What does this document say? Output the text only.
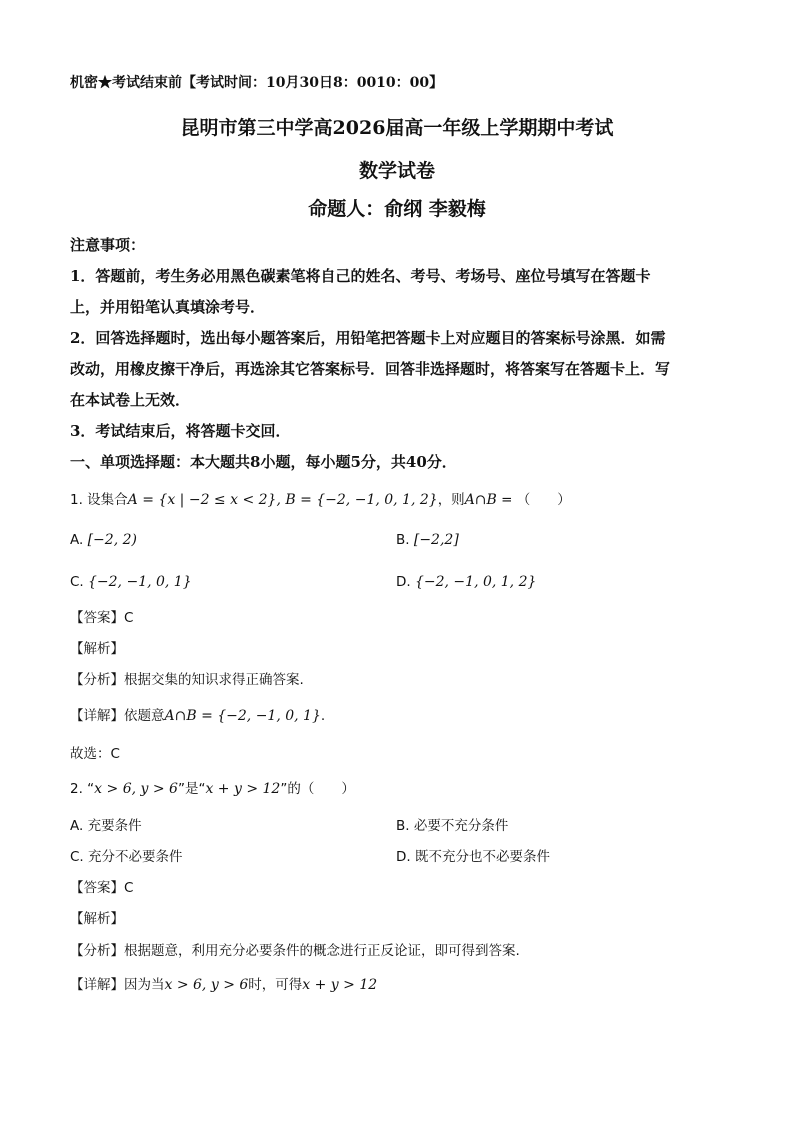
机密★考试结束前【考试时间：10月30日8：0010：00】
昆明市第三中学高2026届高一年级上学期期中考试
数学试卷
命题人：俞纲 李毅梅
注意事项：
1．答题前，考生务必用黑色碳素笔将自己的姓名、考号、考场号、座位号填写在答题卡
上，并用铅笔认真填涂考号．
2．回答选择题时，选出每小题答案后，用铅笔把答题卡上对应题目的答案标号涂黑．如需
改动，用橡皮擦干净后，再选涂其它答案标号．回答非选择题时，将答案写在答题卡上．写
在本试卷上无效．
3．考试结束后，将答题卡交回．
一、单项选择题：本大题共8小题，每小题5分，共40分．
1. 设集合A = {x | −2 ≤ x < 2}, B = {−2, −1, 0, 1, 2}，则A∩B = （　　）
A. [−2, 2)	B. [−2,2]
C. {−2, −1, 0, 1}	D. {−2, −1, 0, 1, 2}
【答案】C
【解析】
【分析】根据交集的知识求得正确答案.
【详解】依题意A∩B = {−2, −1, 0, 1}.
故选：C
2. “x > 6, y > 6”是“x + y > 12”的（　　）
A. 充要条件	B. 必要不充分条件
C. 充分不必要条件	D. 既不充分也不必要条件
【答案】C
【解析】
【分析】根据题意，利用充分必要条件的概念进行正反论证，即可得到答案.
【详解】因为当x > 6, y > 6时，可得x + y > 12
